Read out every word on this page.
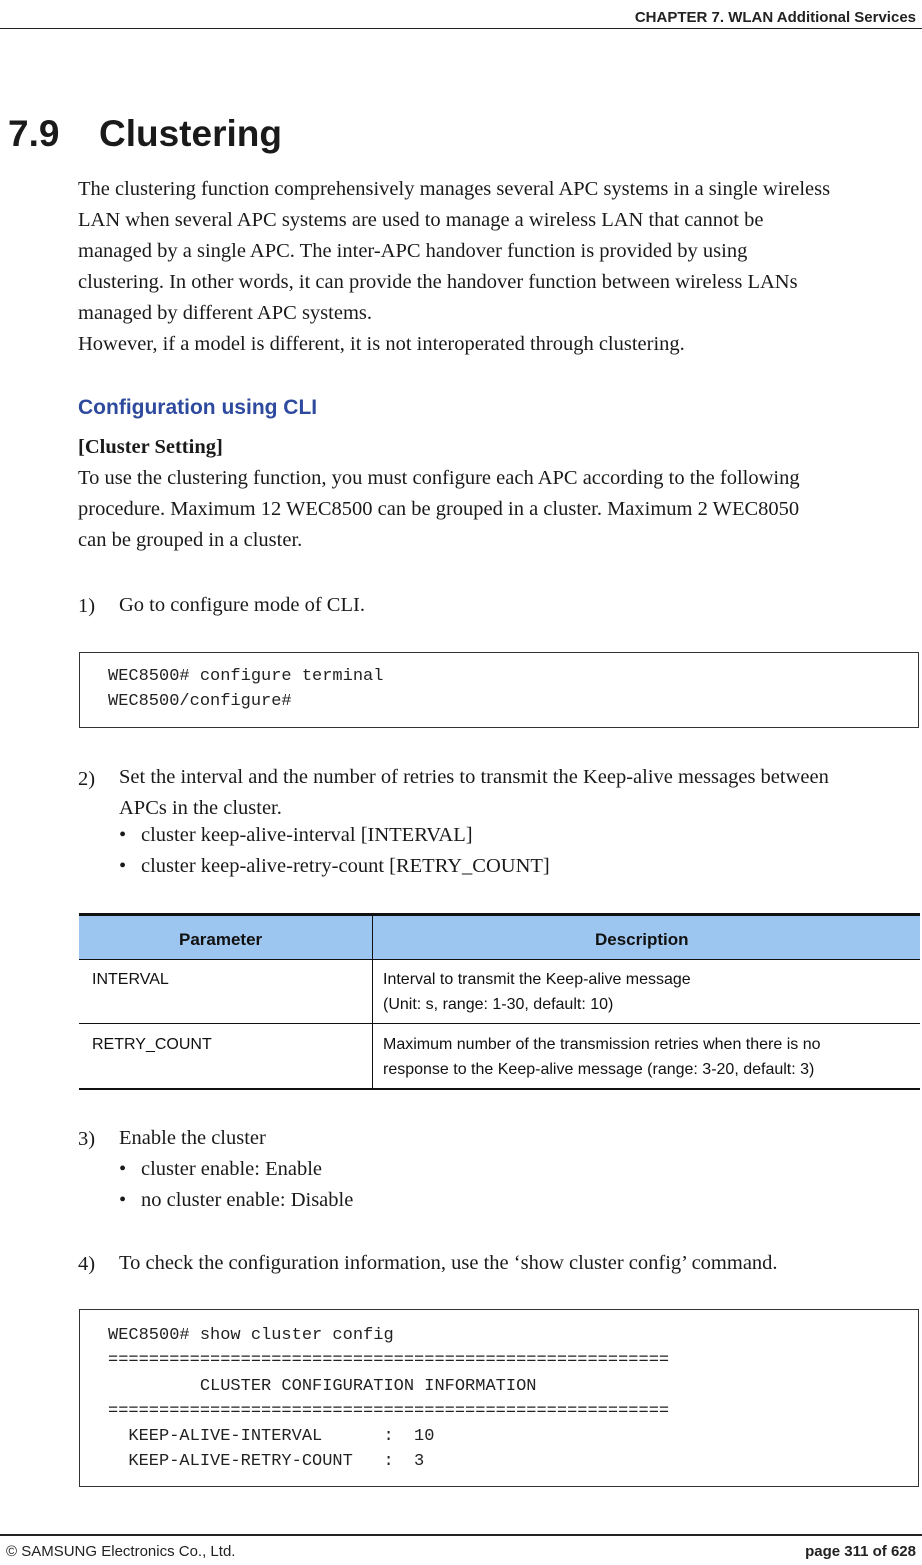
CHAPTER 7. WLAN Additional Services
7.9 Clustering
The clustering function comprehensively manages several APC systems in a single wireless
LAN when several APC systems are used to manage a wireless LAN that cannot be
managed by a single APC. The inter-APC handover function is provided by using
clustering. In other words, it can provide the handover function between wireless LANs
managed by different APC systems.
However, if a model is different, it is not interoperated through clustering.
Configuration using CLI
[Cluster Setting]
To use the clustering function, you must configure each APC according to the following
procedure. Maximum 12 WEC8500 can be grouped in a cluster. Maximum 2 WEC8050
can be grouped in a cluster.
1) Go to configure mode of CLI.
WEC8500# configure terminal
WEC8500/configure#
2) Set the interval and the number of retries to transmit the Keep-alive messages between
APCs in the cluster.
• cluster keep-alive-interval [INTERVAL]
• cluster keep-alive-retry-count [RETRY_COUNT]
Parameter	Description
INTERVAL	Interval to transmit the Keep-alive message
(Unit: s, range: 1-30, default: 10)
RETRY_COUNT	Maximum number of the transmission retries when there is no
response to the Keep-alive message (range: 3-20, default: 3)
3) Enable the cluster
• cluster enable: Enable
• no cluster enable: Disable
4) To check the configuration information, use the ‘show cluster config’ command.
WEC8500# show cluster config
=======================================================
CLUSTER CONFIGURATION INFORMATION
=======================================================
KEEP-ALIVE-INTERVAL      :  10
KEEP-ALIVE-RETRY-COUNT   :  3
© SAMSUNG Electronics Co., Ltd.	page 311 of 628
